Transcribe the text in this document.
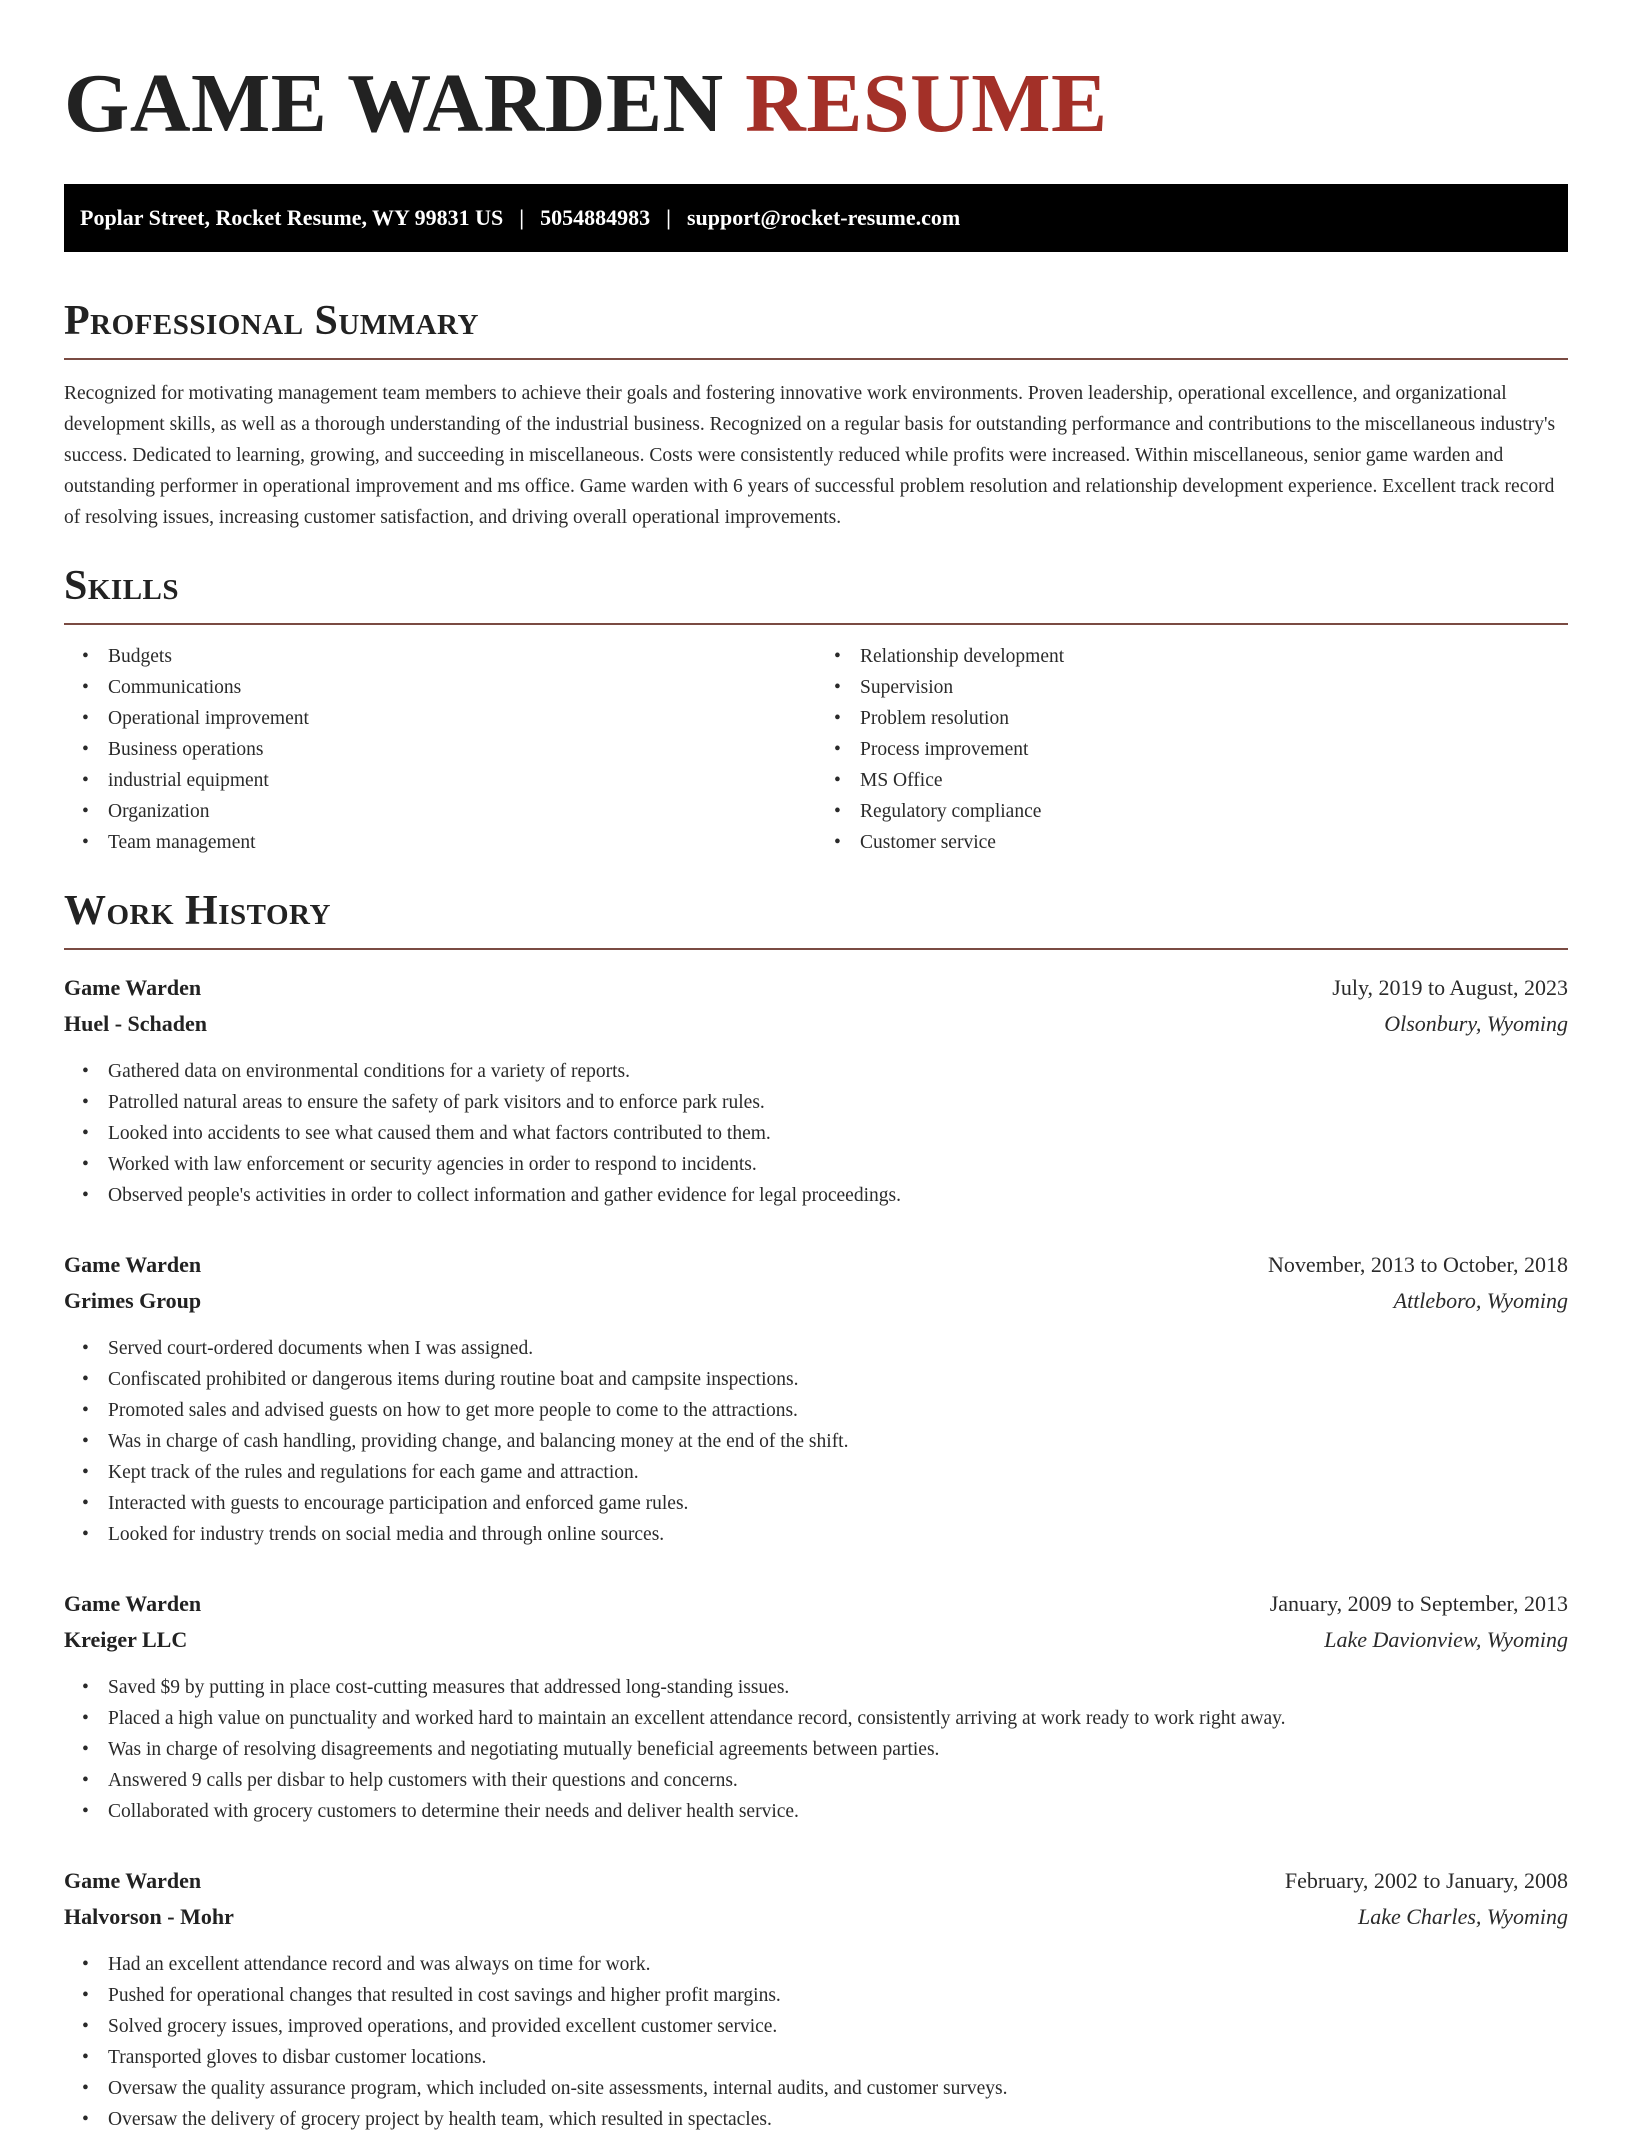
GAME WARDEN RESUME
Poplar Street, Rocket Resume, WY 99831 US | 5054884983 | support@rocket-resume.com
Professional Summary

Recognized for motivating management team members to achieve their goals and fostering innovative work environments. Proven leadership, operational excellence, and organizational development skills, as well as a thorough understanding of the industrial business. Recognized on a regular basis for outstanding performance and contributions to the miscellaneous industry's success. Dedicated to learning, growing, and succeeding in miscellaneous. Costs were consistently reduced while profits were increased. Within miscellaneous, senior game warden and outstanding performer in operational improvement and ms office. Game warden with 6 years of successful problem resolution and relationship development experience. Excellent track record of resolving issues, increasing customer satisfaction, and driving overall operational improvements.

Skills
• Budgets
• Communications
• Operational improvement
• Business operations
• industrial equipment
• Organization
• Team management
• Relationship development
• Supervision
• Problem resolution
• Process improvement
• MS Office
• Regulatory compliance
• Customer service
Work History
Game Warden	July, 2019 to August, 2023
Huel - Schaden	Olsonbury, Wyoming
• Gathered data on environmental conditions for a variety of reports.
• Patrolled natural areas to ensure the safety of park visitors and to enforce park rules.
• Looked into accidents to see what caused them and what factors contributed to them.
• Worked with law enforcement or security agencies in order to respond to incidents.
• Observed people's activities in order to collect information and gather evidence for legal proceedings.
Game Warden	November, 2013 to October, 2018
Grimes Group	Attleboro, Wyoming
• Served court-ordered documents when I was assigned.
• Confiscated prohibited or dangerous items during routine boat and campsite inspections.
• Promoted sales and advised guests on how to get more people to come to the attractions.
• Was in charge of cash handling, providing change, and balancing money at the end of the shift.
• Kept track of the rules and regulations for each game and attraction.
• Interacted with guests to encourage participation and enforced game rules.
• Looked for industry trends on social media and through online sources.
Game Warden	January, 2009 to September, 2013
Kreiger LLC	Lake Davionview, Wyoming
• Saved $9 by putting in place cost-cutting measures that addressed long-standing issues.
• Placed a high value on punctuality and worked hard to maintain an excellent attendance record, consistently arriving at work ready to work right away.
• Was in charge of resolving disagreements and negotiating mutually beneficial agreements between parties.
• Answered 9 calls per disbar to help customers with their questions and concerns.
• Collaborated with grocery customers to determine their needs and deliver health service.
Game Warden	February, 2002 to January, 2008
Halvorson - Mohr	Lake Charles, Wyoming
• Had an excellent attendance record and was always on time for work.
• Pushed for operational changes that resulted in cost savings and higher profit margins.
• Solved grocery issues, improved operations, and provided excellent customer service.
• Transported gloves to disbar customer locations.
• Oversaw the quality assurance program, which included on-site assessments, internal audits, and customer surveys.
• Oversaw the delivery of grocery project by health team, which resulted in spectacles.
